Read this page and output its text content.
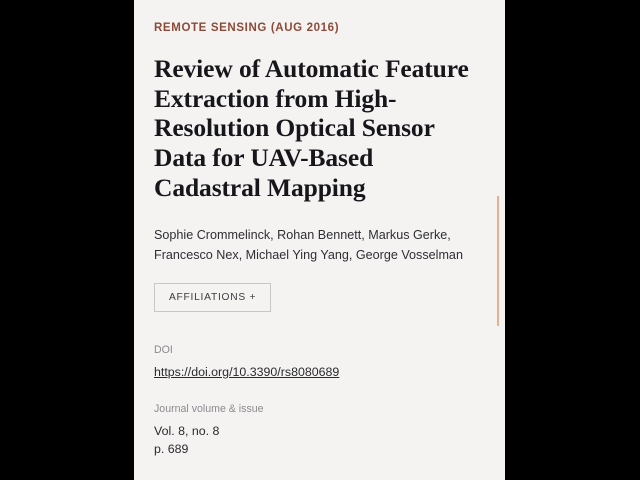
REMOTE SENSING (AUG 2016)

Review of Automatic Feature Extraction from High-Resolution Optical Sensor Data for UAV-Based Cadastral Mapping

Sophie Crommelinck, Rohan Bennett, Markus Gerke, Francesco Nex, Michael Ying Yang, George Vosselman

AFFILIATIONS +

DOI

https://doi.org/10.3390/rs8080689

Journal volume & issue

Vol. 8, no. 8

p. 689
